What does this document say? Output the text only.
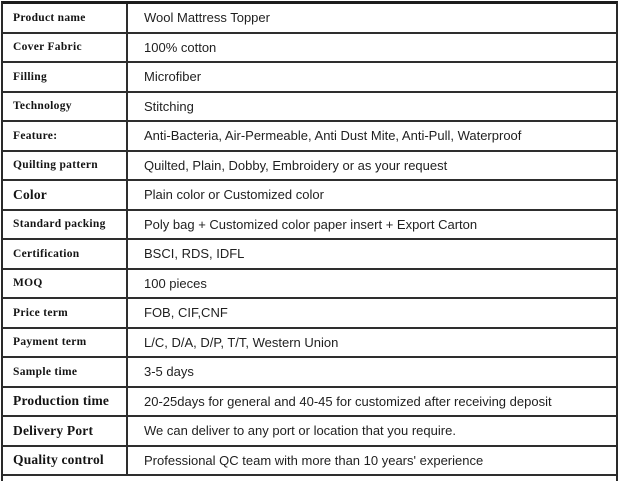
Product name	Wool Mattress Topper
Cover Fabric	100% cotton
Filling	Microfiber
Technology	Stitching
Feature:	Anti-Bacteria, Air-Permeable, Anti Dust Mite, Anti-Pull, Waterproof
Quilting pattern	Quilted, Plain, Dobby, Embroidery or as your request
Color	Plain color or Customized color
Standard packing	Poly bag + Customized color paper insert + Export Carton
Certification	BSCI, RDS, IDFL
MOQ	100 pieces
Price term	FOB, CIF,CNF
Payment term	L/C, D/A, D/P, T/T, Western Union
Sample time	3-5 days
Production time	20-25days for general and 40-45 for customized after receiving deposit
Delivery Port	We can deliver to any port or location that you require.
Quality control	Professional QC team with more than 10 years' experience
